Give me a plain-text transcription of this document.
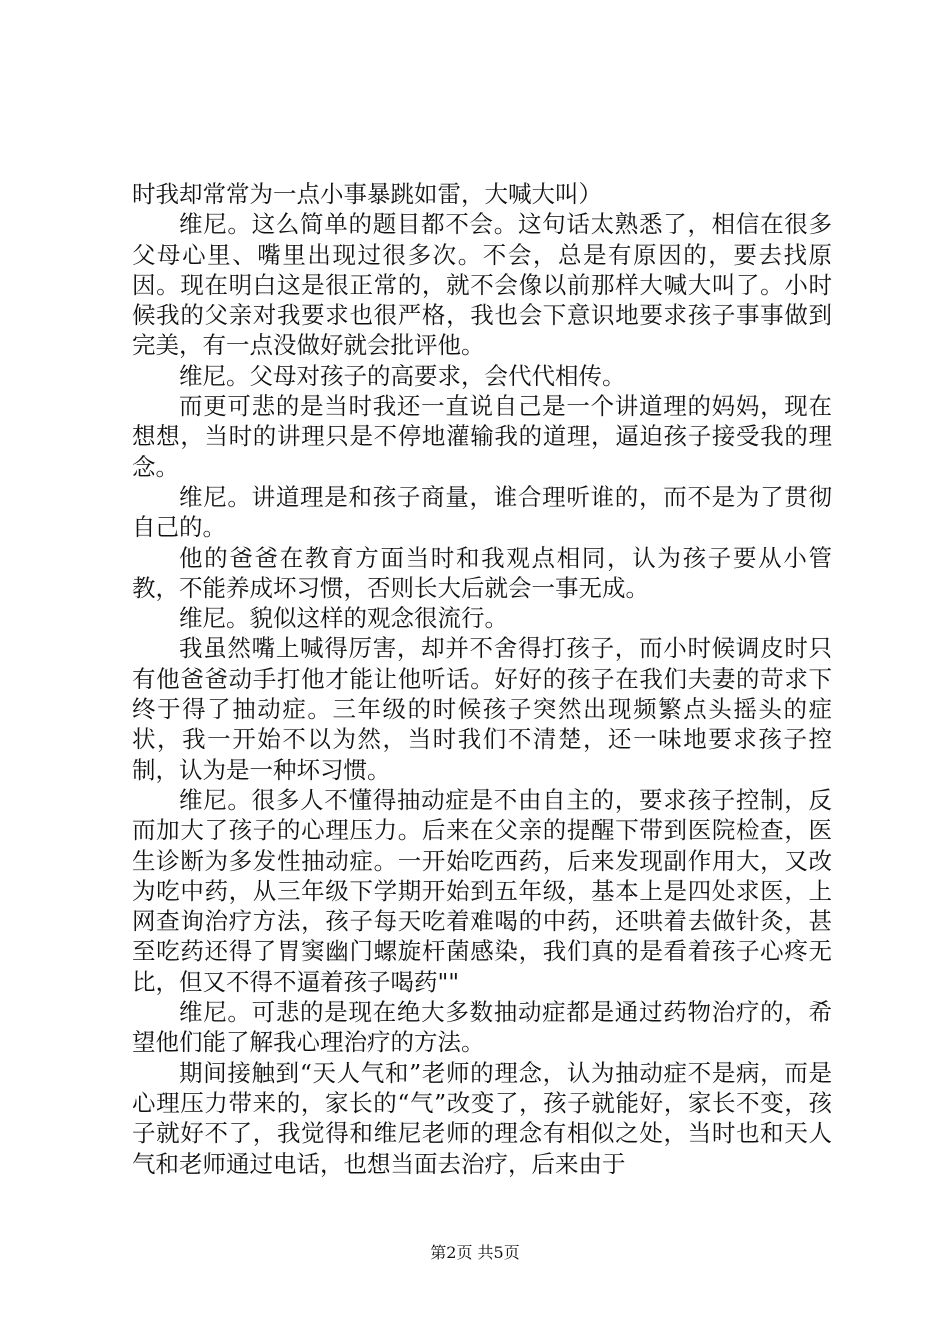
时我却常常为一点小事暴跳如雷，大喊大叫）

维尼。这么简单的题目都不会。这句话太熟悉了，相信在很多父母心里、嘴里出现过很多次。不会，总是有原因的，要去找原因。现在明白这是很正常的，就不会像以前那样大喊大叫了。小时候我的父亲对我要求也很严格，我也会下意识地要求孩子事事做到完美，有一点没做好就会批评他。

维尼。父母对孩子的高要求，会代代相传。

而更可悲的是当时我还一直说自己是一个讲道理的妈妈，现在想想，当时的讲理只是不停地灌输我的道理，逼迫孩子接受我的理念。

维尼。讲道理是和孩子商量，谁合理听谁的，而不是为了贯彻自己的。

他的爸爸在教育方面当时和我观点相同，认为孩子要从小管教，不能养成坏习惯，否则长大后就会一事无成。

维尼。貌似这样的观念很流行。

我虽然嘴上喊得厉害，却并不舍得打孩子，而小时候调皮时只有他爸爸动手打他才能让他听话。好好的孩子在我们夫妻的苛求下终于得了抽动症。三年级的时候孩子突然出现频繁点头摇头的症状，我一开始不以为然，当时我们不清楚，还一味地要求孩子控制，认为是一种坏习惯。

维尼。很多人不懂得抽动症是不由自主的，要求孩子控制，反而加大了孩子的心理压力。后来在父亲的提醒下带到医院检查，医生诊断为多发性抽动症。一开始吃西药，后来发现副作用大，又改为吃中药，从三年级下学期开始到五年级，基本上是四处求医，上网查询治疗方法，孩子每天吃着难喝的中药，还哄着去做针灸，甚至吃药还得了胃窦幽门螺旋杆菌感染，我们真的是看着孩子心疼无比，但又不得不逼着孩子喝药""

维尼。可悲的是现在绝大多数抽动症都是通过药物治疗的，希望他们能了解我心理治疗的方法。

期间接触到“天人气和”老师的理念，认为抽动症不是病，而是心理压力带来的，家长的“气”改变了，孩子就能好，家长不变，孩子就好不了，我觉得和维尼老师的理念有相似之处，当时也和天人气和老师通过电话，也想当面去治疗，后来由于

第2页 共5页
